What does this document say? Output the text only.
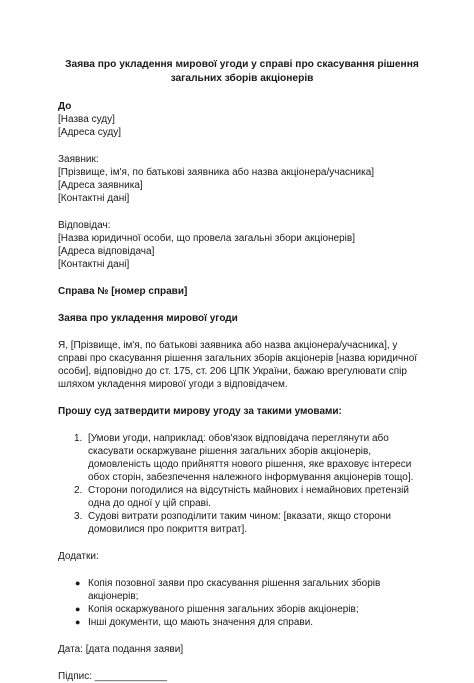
Заява про укладення мирової угоди у справі про скасування рішення загальних зборів акціонерів

До

[Назва суду]

[Адреса суду]

Заявник:

[Прізвище, ім'я, по батькові заявника або назва акціонера/учасника]

[Адреса заявника]

[Контактні дані]

Відповідач:

[Назва юридичної особи, що провела загальні збори акціонерів]

[Адреса відповідача]

[Контактні дані]

Справа № [номер справи]

Заява про укладення мирової угоди

Я, [Прізвище, ім'я, по батькові заявника або назва акціонера/учасника], у справі про скасування рішення загальних зборів акціонерів [назва юридичної особи], відповідно до ст. 175, ст. 206 ЦПК України, бажаю врегулювати спір шляхом укладення мирової угоди з відповідачем.

Прошу суд затвердити мирову угоду за такими умовами:

1. [Умови угоди, наприклад: обов'язок відповідача переглянути або скасувати оскаржуване рішення загальних зборів акціонерів, домовленість щодо прийняття нового рішення, яке враховує інтереси обох сторін, забезпечення належного інформування акціонерів тощо].
2. Сторони погодилися на відсутність майнових і немайнових претензій одна до одної у цій справі.
3. Судові витрати розподілити таким чином: [вказати, якщо сторони домовилися про покриття витрат].

Додатки:

● Копія позовної заяви про скасування рішення загальних зборів акціонерів;
● Копія оскаржуваного рішення загальних зборів акціонерів;
● Інші документи, що мають значення для справи.

Дата: [дата подання заяви]

Підпис: _____________
